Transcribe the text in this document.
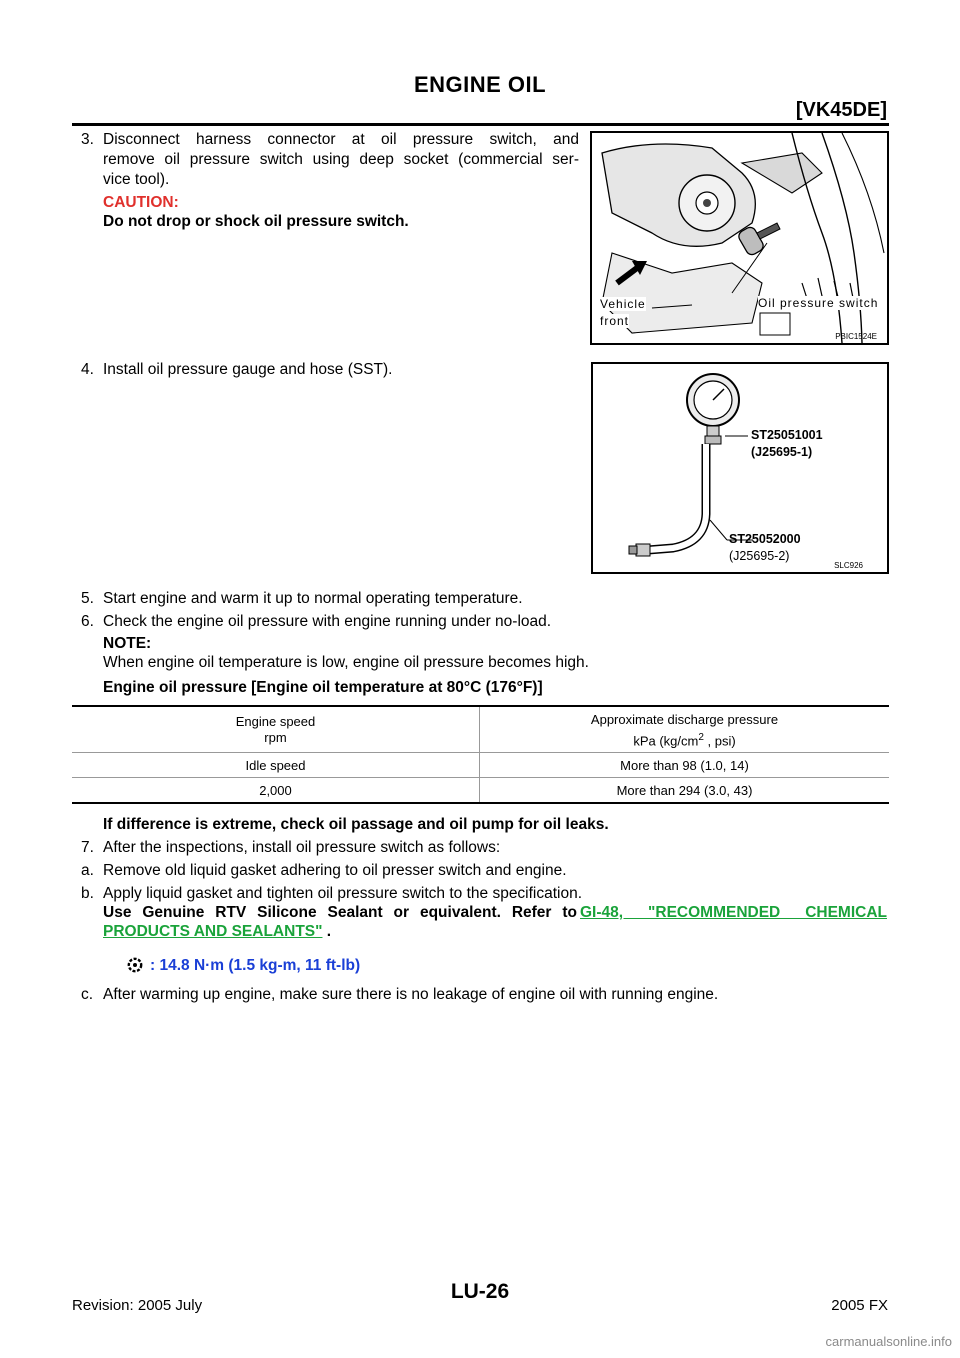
ENGINE OIL
[VK45DE]
3. Disconnect harness connector at oil pressure switch, and
remove oil pressure switch using deep socket (commercial ser-
vice tool).
CAUTION:
Do not drop or shock oil pressure switch.
Vehicle
front
Oil pressure switch
PBIC1524E
4. Install oil pressure gauge and hose (SST).
ST25051001
(J25695-1)
ST25052000
(J25695-2)
SLC926
5. Start engine and warm it up to normal operating temperature.
6. Check the engine oil pressure with engine running under no-load.
NOTE:
When engine oil temperature is low, engine oil pressure becomes high.
Engine oil pressure [Engine oil temperature at 80°C (176°F)]
Engine speed
rpm
Approximate discharge pressure
kPa ($kg/cm^2$ , psi)
Idle speed	More than 98 (1.0, 14)
2,000	More than 294 (3.0, 43)
If difference is extreme, check oil passage and oil pump for oil leaks.
7. After the inspections, install oil pressure switch as follows:
a. Remove old liquid gasket adhering to oil presser switch and engine.
b. Apply liquid gasket and tighten oil pressure switch to the specification.
Use Genuine RTV Silicone Sealant or equivalent. Refer to GI-48, "RECOMMENDED CHEMICAL
PRODUCTS AND SEALANTS" .
: 14.8 N·m (1.5 kg-m, 11 ft-lb)
c. After warming up engine, make sure there is no leakage of engine oil with running engine.
Revision: 2005 July
LU-26
2005 FX
carmanualsonline.info
